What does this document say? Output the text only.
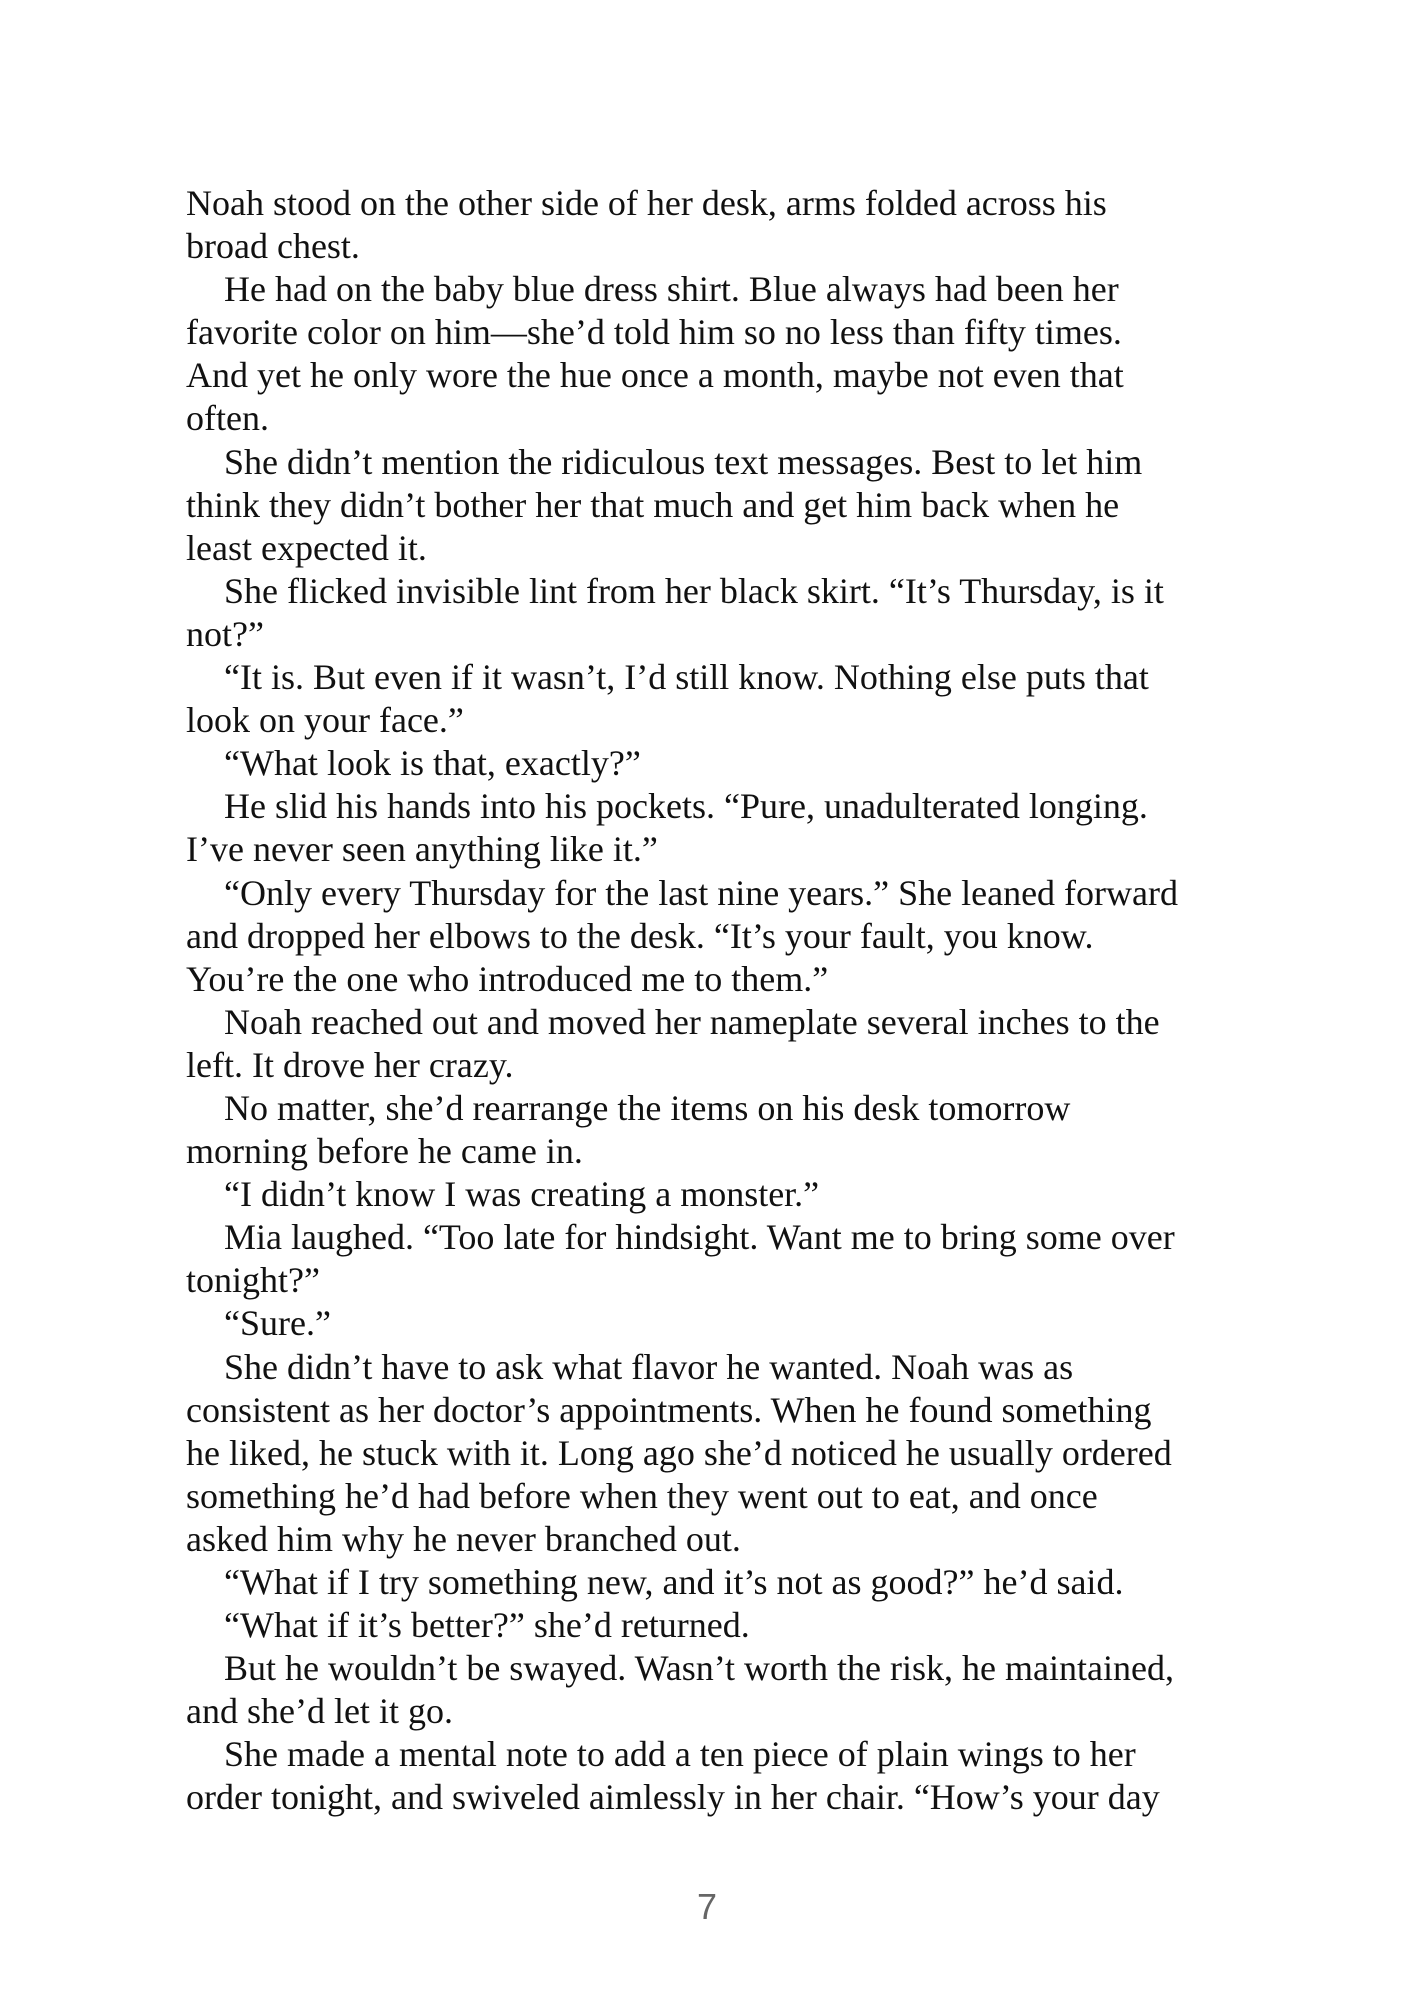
Noah stood on the other side of her desk, arms folded across his
broad chest.
He had on the baby blue dress shirt. Blue always had been her
favorite color on him—she’d told him so no less than fifty times.
And yet he only wore the hue once a month, maybe not even that
often.
She didn’t mention the ridiculous text messages. Best to let him
think they didn’t bother her that much and get him back when he
least expected it.
She flicked invisible lint from her black skirt. “It’s Thursday, is it
not?”
“It is. But even if it wasn’t, I’d still know. Nothing else puts that
look on your face.”
“What look is that, exactly?”
He slid his hands into his pockets. “Pure, unadulterated longing.
I’ve never seen anything like it.”
“Only every Thursday for the last nine years.” She leaned forward
and dropped her elbows to the desk. “It’s your fault, you know.
You’re the one who introduced me to them.”
Noah reached out and moved her nameplate several inches to the
left. It drove her crazy.
No matter, she’d rearrange the items on his desk tomorrow
morning before he came in.
“I didn’t know I was creating a monster.”
Mia laughed. “Too late for hindsight. Want me to bring some over
tonight?”
“Sure.”
She didn’t have to ask what flavor he wanted. Noah was as
consistent as her doctor’s appointments. When he found something
he liked, he stuck with it. Long ago she’d noticed he usually ordered
something he’d had before when they went out to eat, and once
asked him why he never branched out.
“What if I try something new, and it’s not as good?” he’d said.
“What if it’s better?” she’d returned.
But he wouldn’t be swayed. Wasn’t worth the risk, he maintained,
and she’d let it go.
She made a mental note to add a ten piece of plain wings to her
order tonight, and swiveled aimlessly in her chair. “How’s your day
7
